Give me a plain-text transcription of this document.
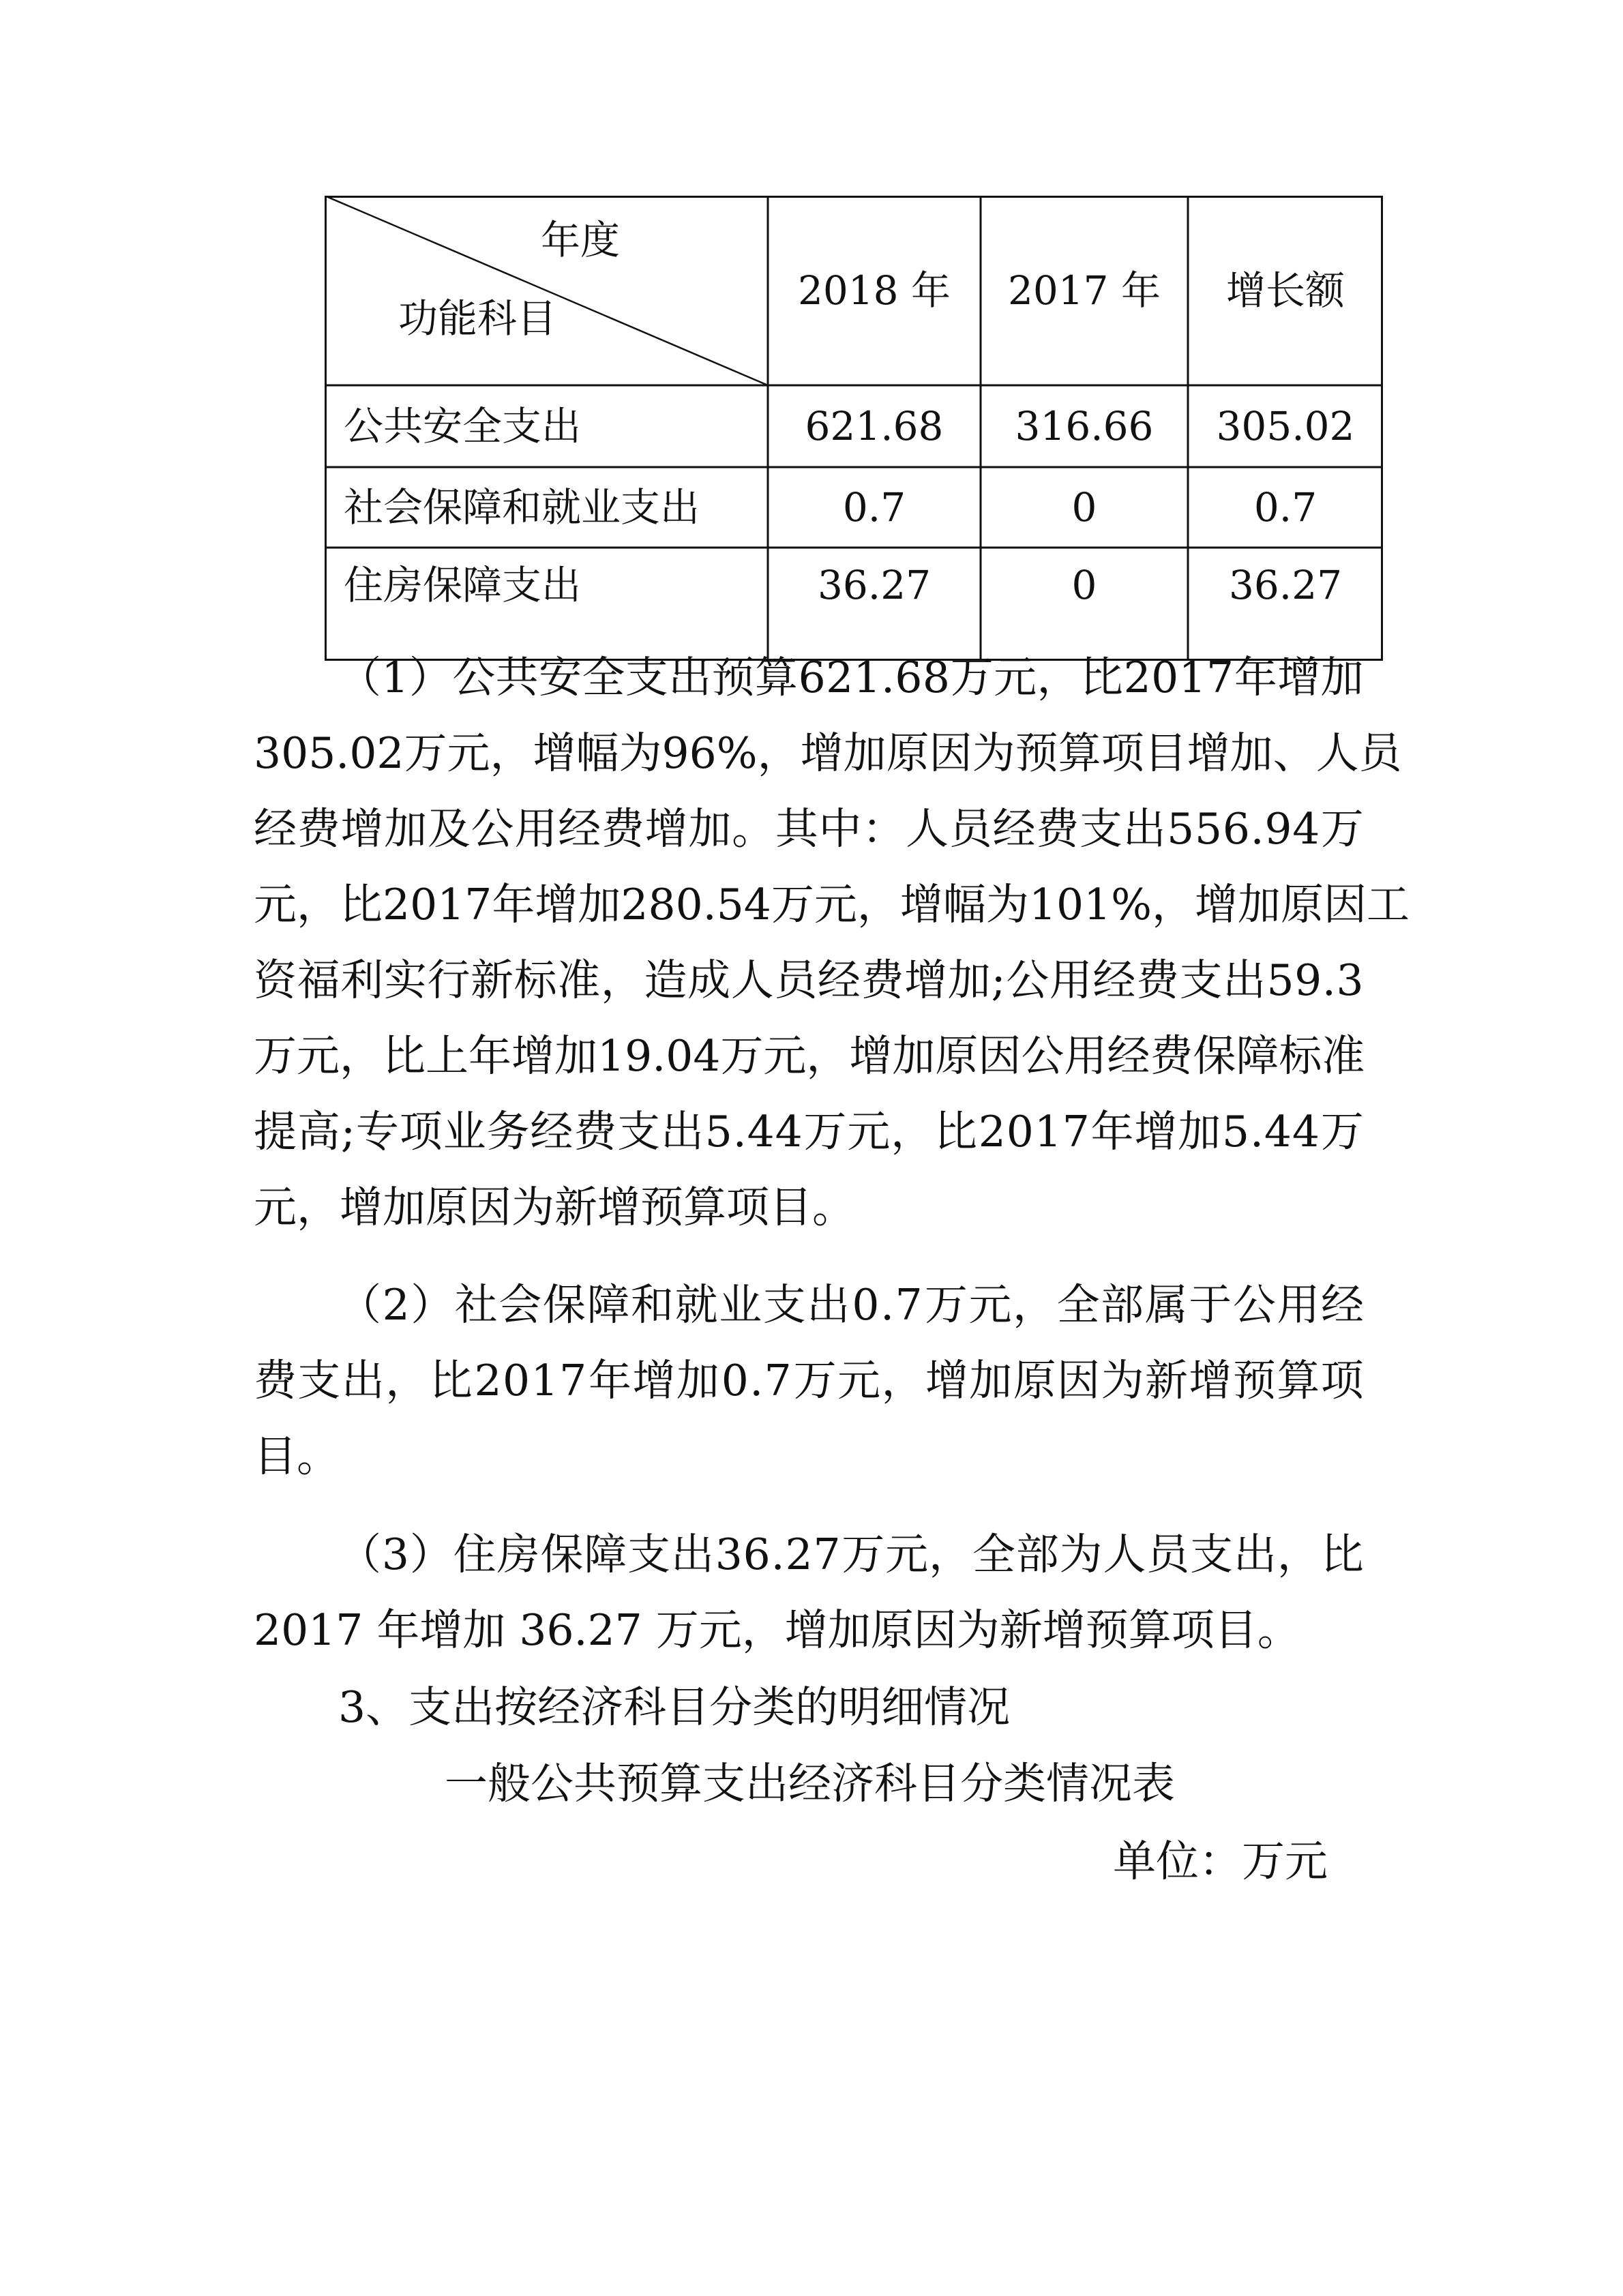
年度
功能科目
2018 年	2017 年	增长额
公共安全支出	621.68	316.66	305.02
社会保障和就业支出	0.7	0	0.7
住房保障支出	36.27	0	36.27
（ 1 ） 公 共 安 全 支 出 预 算 6 2 1 . 6 8 万 元 ， 比 2 0 1 7 年 增 加
3 0 5 . 0 2 万 元 ， 增 幅 为 9 6 % ， 增 加 原 因 为 预 算 项 目 增 加 、 人 员
经 费 增 加 及 公 用 经 费 增 加 。 其 中 ： 人 员 经 费 支 出 5 5 6 . 9 4 万
元 ， 比 2 0 1 7 年 增 加 2 8 0 . 5 4 万 元 ， 增 幅 为 1 0 1 % ， 增 加 原 因 工
资 福 利 实 行 新 标 准 ， 造 成 人 员 经 费 增 加 ; 公 用 经 费 支 出 5 9 . 3
万 元 ， 比 上 年 增 加 1 9 . 0 4 万 元 ， 增 加 原 因 公 用 经 费 保 障 标 准
提 高 ; 专 项 业 务 经 费 支 出 5 . 4 4 万 元 ， 比 2 0 1 7 年 增 加 5 . 4 4 万
元，增加原因为新增预算项目。
（ 2 ） 社 会 保 障 和 就 业 支 出 0 . 7 万 元 ， 全 部 属 于 公 用 经
费 支 出 ， 比 2 0 1 7 年 增 加 0 . 7 万 元 ， 增 加 原 因 为 新 增 预 算 项
目。
（ 3 ） 住 房 保 障 支 出 3 6 . 2 7 万 元 ， 全 部 为 人 员 支 出 ， 比
2017 年增加 36.27 万元，增加原因为新增预算项目。
3、支出按经济科目分类的明细情况
一般公共预算支出经济科目分类情况表
单位：万元
